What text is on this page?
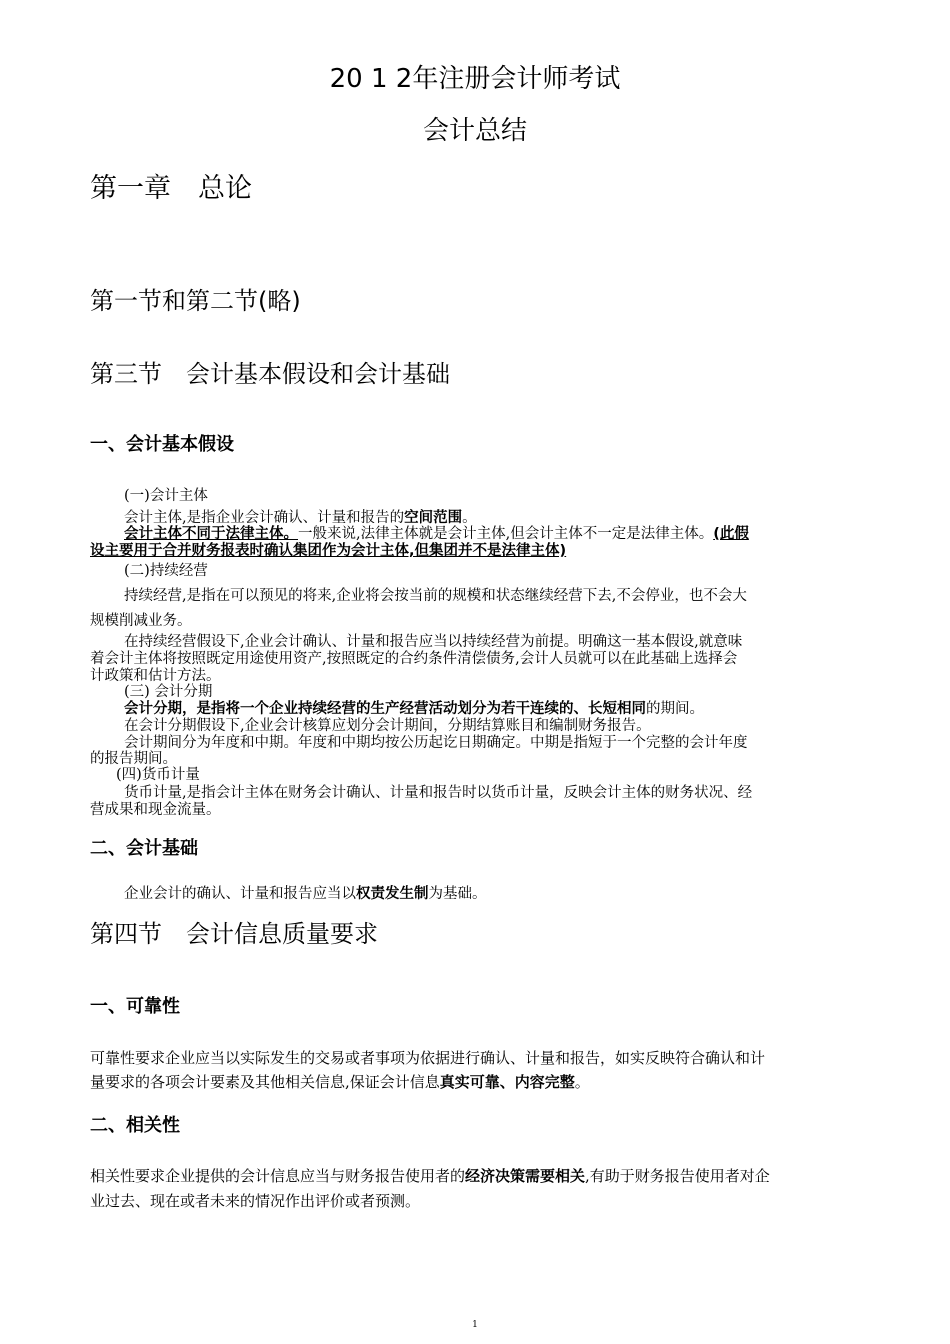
20 1 2年注册会计师考试
会计总结
第一章　总论
第一节和第二节(略)
第三节　会计基本假设和会计基础
一、会计基本假设
(一)会计主体
会计主体,是指企业会计确认、计量和报告的空间范围。
会计主体不同于法律主体。一般来说,法律主体就是会计主体,但会计主体不一定是法律主体。(此假
设主要用于合并财务报表时确认集团作为会计主体,但集团并不是法律主体)
(二)持续经营
持续经营,是指在可以预见的将来,企业将会按当前的规模和状态继续经营下去,不会停业，也不会大
规模削减业务。
在持续经营假设下,企业会计确认、计量和报告应当以持续经营为前提。明确这一基本假设,就意味
着会计主体将按照既定用途使用资产,按照既定的合约条件清偿债务,会计人员就可以在此基础上选择会
计政策和估计方法。
(三) 会计分期
会计分期，是指将一个企业持续经营的生产经营活动划分为若干连续的、长短相同的期间。
在会计分期假设下,企业会计核算应划分会计期间，分期结算账目和编制财务报告。
会计期间分为年度和中期。年度和中期均按公历起讫日期确定。中期是指短于一个完整的会计年度
的报告期间。
(四)货币计量
货币计量,是指会计主体在财务会计确认、计量和报告时以货币计量，反映会计主体的财务状况、经
营成果和现金流量。
二、会计基础
企业会计的确认、计量和报告应当以权责发生制为基础。
第四节　会计信息质量要求
一、可靠性
可靠性要求企业应当以实际发生的交易或者事项为依据进行确认、计量和报告，如实反映符合确认和计
量要求的各项会计要素及其他相关信息,保证会计信息真实可靠、内容完整。
二、相关性
相关性要求企业提供的会计信息应当与财务报告使用者的经济决策需要相关,有助于财务报告使用者对企
业过去、现在或者未来的情况作出评价或者预测。
1
